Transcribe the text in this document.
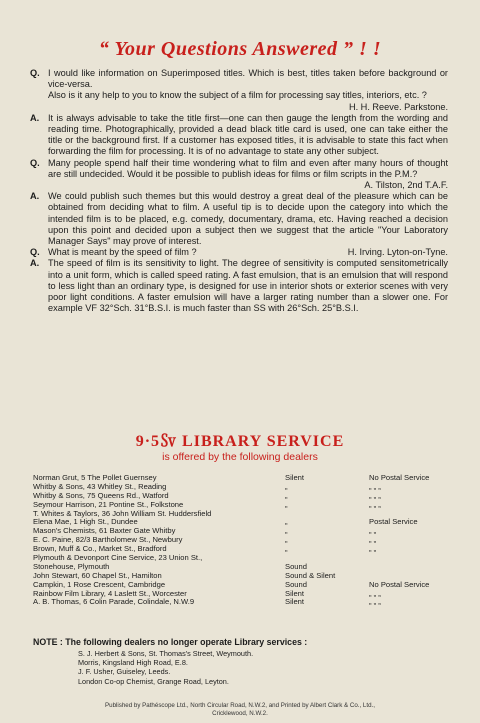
“ Your Questions Answered ” ! !
Q. I would like information on Superimposed titles. Which is best, titles taken before background or vice-versa.
Also is it any help to you to know the subject of a film for processing say titles, interiors, etc. ?
H. H. Reeve. Parkstone.
A. It is always advisable to take the title first—one can then gauge the length from the wording and reading time. Photographically, provided a dead black title card is used, one can take either the title or the background first. If a customer has exposed titles, it is advisable to state this fact when forwarding the film for processing. It is of no advantage to state any other subject.
Q. Many people spend half their time wondering what to film and even after many hours of thought are still undecided. Would it be possible to publish ideas for films or film scripts in the P.M.?
A. Tilston, 2nd T.A.F.
A. We could publish such themes but this would destroy a great deal of the pleasure which can be obtained from deciding what to film. A useful tip is to decide upon the category into which the intended film is to be placed, e.g. comedy, documentary, drama, etc. Having reached a decision upon this point and decided upon a subject then we suggest that the article "Your Laboratory Manager Says" may prove of interest.
Q. What is meant by the speed of film ?	H. Irving. Lyton-on-Tyne.
A. The speed of film is its sensitivity to light. The degree of sensitivity is computed sensitometrically into a unit form, which is called speed rating. A fast emulsion, that is an emulsion that will respond to less light than an ordinary type, is designed for use in interior shots or exterior scenes with very poor light conditions. A faster emulsion will have a larger rating number than a slower one. For example VF 32°Sch. 31°B.S.I. is much faster than SS with 26°Sch. 25°B.S.I.
9·5㏜ LIBRARY SERVICE
is offered by the following dealers
Norman Grut, 5 The Pollet Guernsey	Silent	No Postal Service
Whitby & Sons, 43 Whitley St., Reading	„	„ „ „
Whitby & Sons, 75 Queens Rd., Watford	„	„ „ „
Seymour Harrison, 21 Pontine St., Folkstone	„	„ „ „
T. Whites & Taylors, 36 John William St. Huddersfield
Elena Mae, 1 High St., Dundee	„	Postal Service
Mason's Chemists, 61 Baxter Gate Whitby	„	„ „
E. C. Paine, 82/3 Bartholomew St., Newbury	„	„ „
Brown, Muff & Co., Market St., Bradford	„	„ „
Plymouth & Devonport Cine Service, 23 Union St.,
Stonehouse, Plymouth	Sound
John Stewart, 60 Chapel St., Hamilton	Sound & Silent
Campkin, 1 Rose Crescent, Cambridge	Sound	No Postal Service
Rainbow Film Library, 4 Laslett St., Worcester	Silent	„ „ „
A. B. Thomas, 6 Colin Parade, Colindale, N.W.9	Silent	„ „ „
NOTE : The following dealers no longer operate Library services :
S. J. Herbert & Sons, St. Thomas's Street, Weymouth.
Morris, Kingsland High Road, E.8.
J. F. Usher, Guiseley, Leeds.
London Co-op Chemist, Grange Road, Leyton.
Published by Pathéscope Ltd., North Circular Road, N.W.2, and Printed by Albert Clark & Co., Ltd.,
Cricklewood, N.W.2.
